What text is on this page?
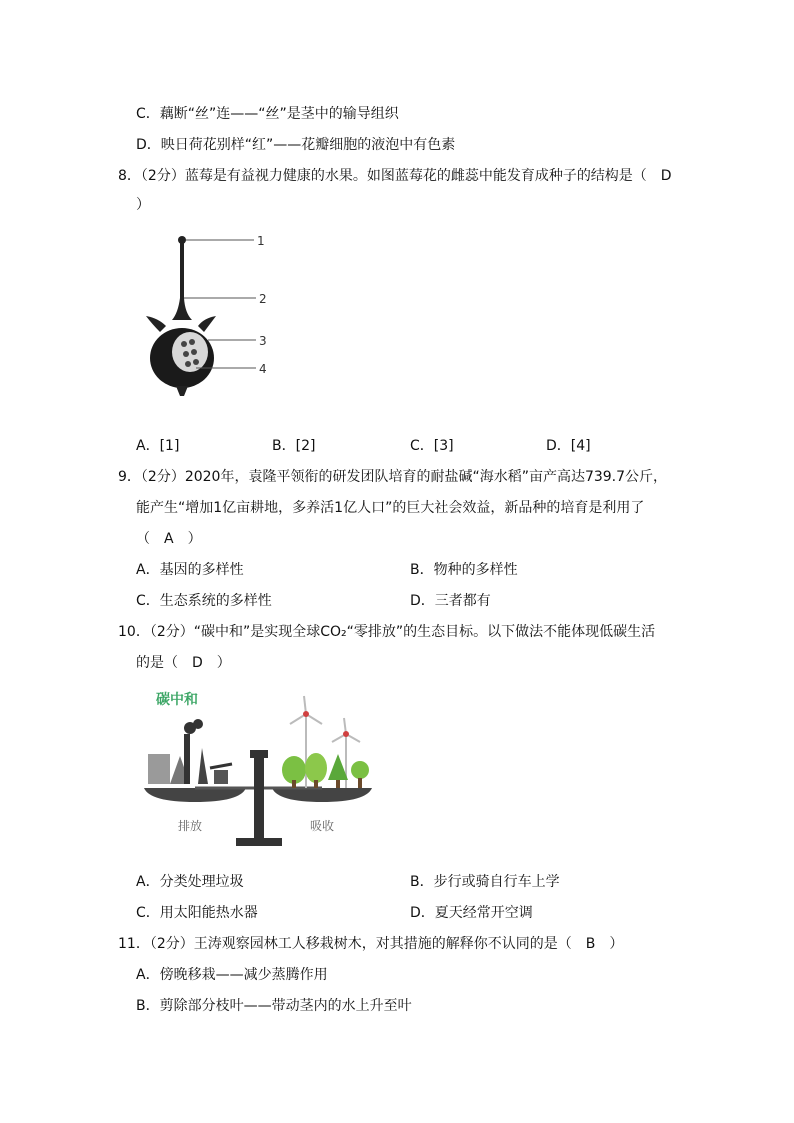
C．藕断“丝”连——“丝”是茎中的输导组织
D．映日荷花别样“红”——花瓣细胞的液泡中有色素
8．（2分）蓝莓是有益视力健康的水果。如图蓝莓花的雌蕊中能发育成种子的结构是（　D
）
1
2
3
4
A．[1]	B．[2]	C．[3]	D．[4]
9．（2分）2020年，袁隆平领衔的研发团队培育的耐盐碱“海水稻”亩产高达739.7公斤，
能产生“增加1亿亩耕地，多养活1亿人口”的巨大社会效益，新品种的培育是利用了
（　A　）
A．基因的多样性	B．物种的多样性
C．生态系统的多样性	D．三者都有
10．（2分）“碳中和”是实现全球CO₂“零排放”的生态目标。以下做法不能体现低碳生活
的是（　D　）
碳中和
排放	吸收
A．分类处理垃圾	B．步行或骑自行车上学
C．用太阳能热水器	D．夏天经常开空调
11．（2分）王涛观察园林工人移栽树木，对其措施的解释你不认同的是（　B　）
A．傍晚移栽——减少蒸腾作用
B．剪除部分枝叶——带动茎内的水上升至叶
